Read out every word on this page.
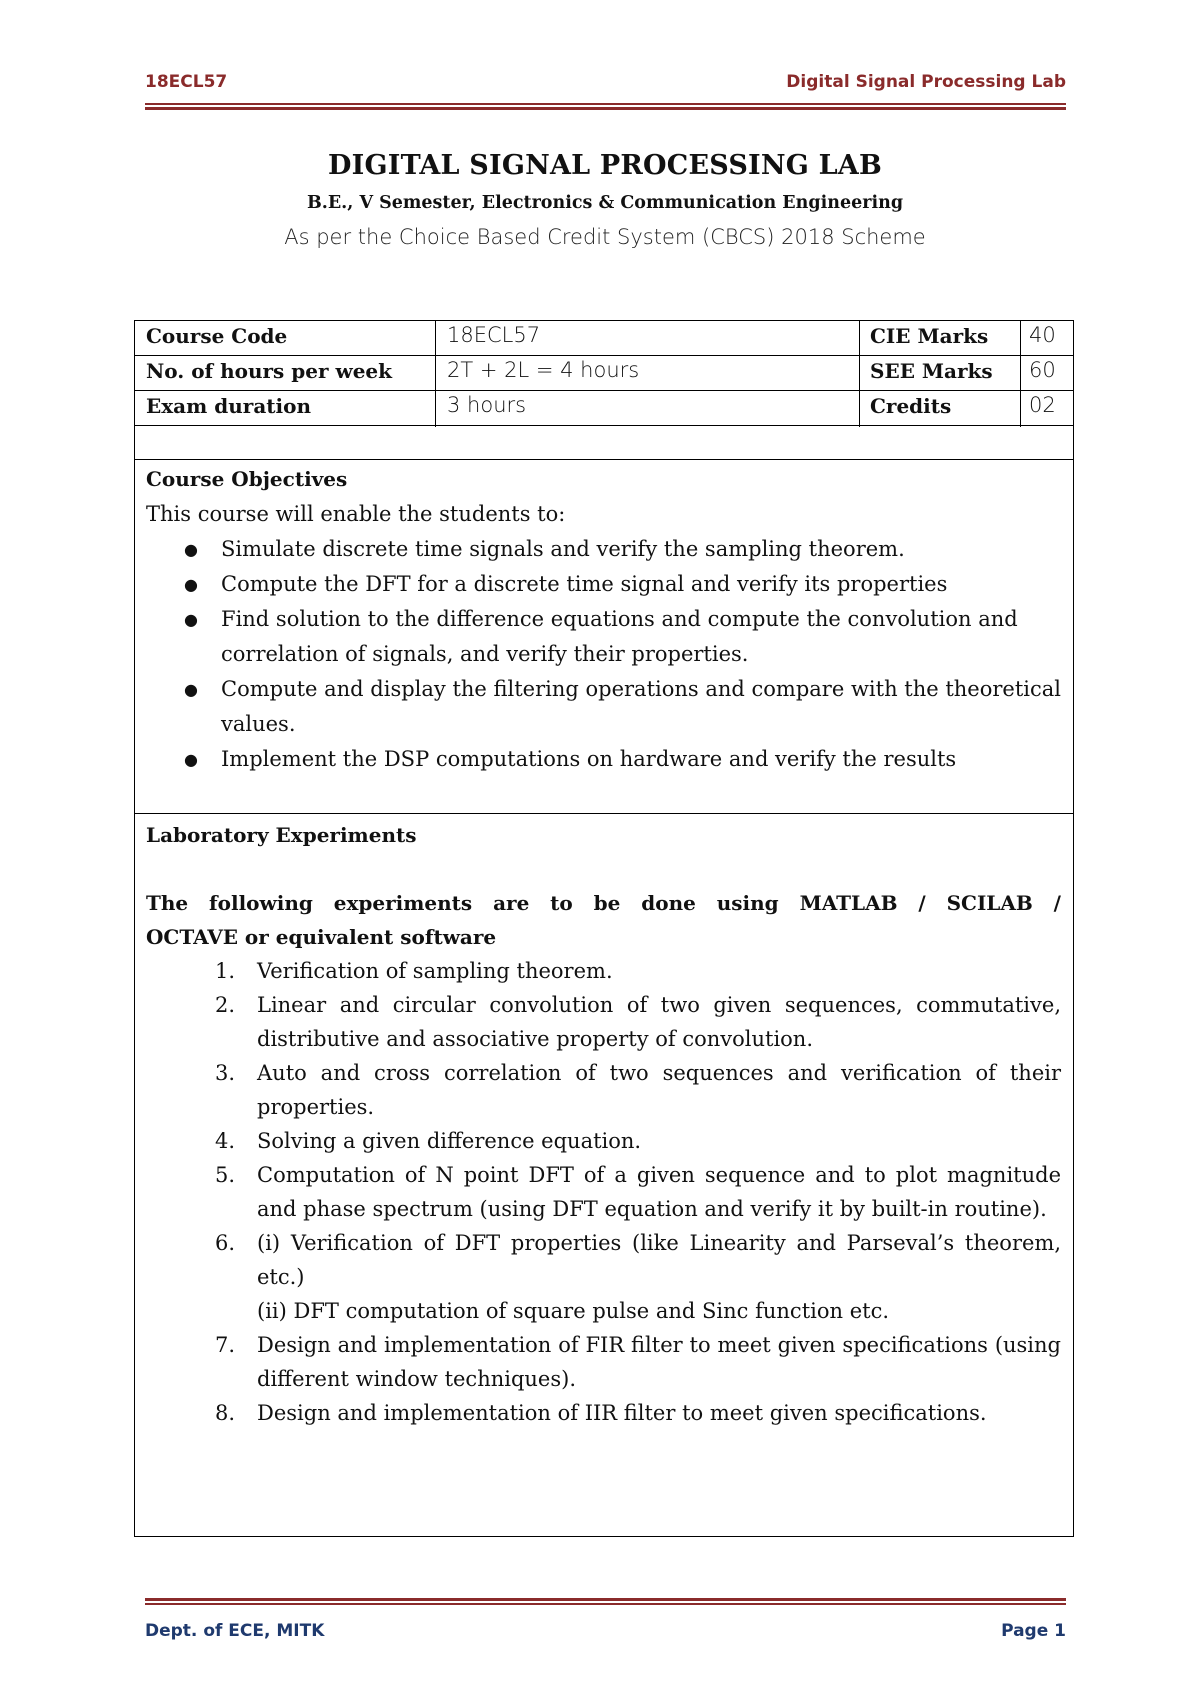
18ECL57	Digital Signal Processing Lab
DIGITAL SIGNAL PROCESSING LAB
B.E., V Semester, Electronics & Communication Engineering
As per the Choice Based Credit System (CBCS) 2018 Scheme
Course Code	18ECL57	CIE Marks 40
No. of hours per week	2T + 2L = 4 hours	SEE Marks 60
Exam duration	3 hours	Credits	02
Course Objectives
This course will enable the students to:
● Simulate discrete time signals and verify the sampling theorem.
● Compute the DFT for a discrete time signal and verify its properties
● Find solution to the difference equations and compute the convolution and correlation of signals, and verify their properties.
● Compute and display the filtering operations and compare with the theoretical values.
● Implement the DSP computations on hardware and verify the results
Laboratory Experiments
The following experiments are to be done using MATLAB / SCILAB /
OCTAVE or equivalent software
1. Verification of sampling theorem.
2. Linear and circular convolution of two given sequences, commutative, distributive and associative property of convolution.
3. Auto and cross correlation of two sequences and verification of their properties.
4. Solving a given difference equation.
5. Computation of N point DFT of a given sequence and to plot magnitude and phase spectrum (using DFT equation and verify it by built-in routine).
6. (i) Verification of DFT properties (like Linearity and Parseval’s theorem, etc.)
(ii) DFT computation of square pulse and Sinc function etc.
7. Design and implementation of FIR filter to meet given specifications (using different window techniques).
8. Design and implementation of IIR filter to meet given specifications.
Dept. of ECE, MITK	Page 1
